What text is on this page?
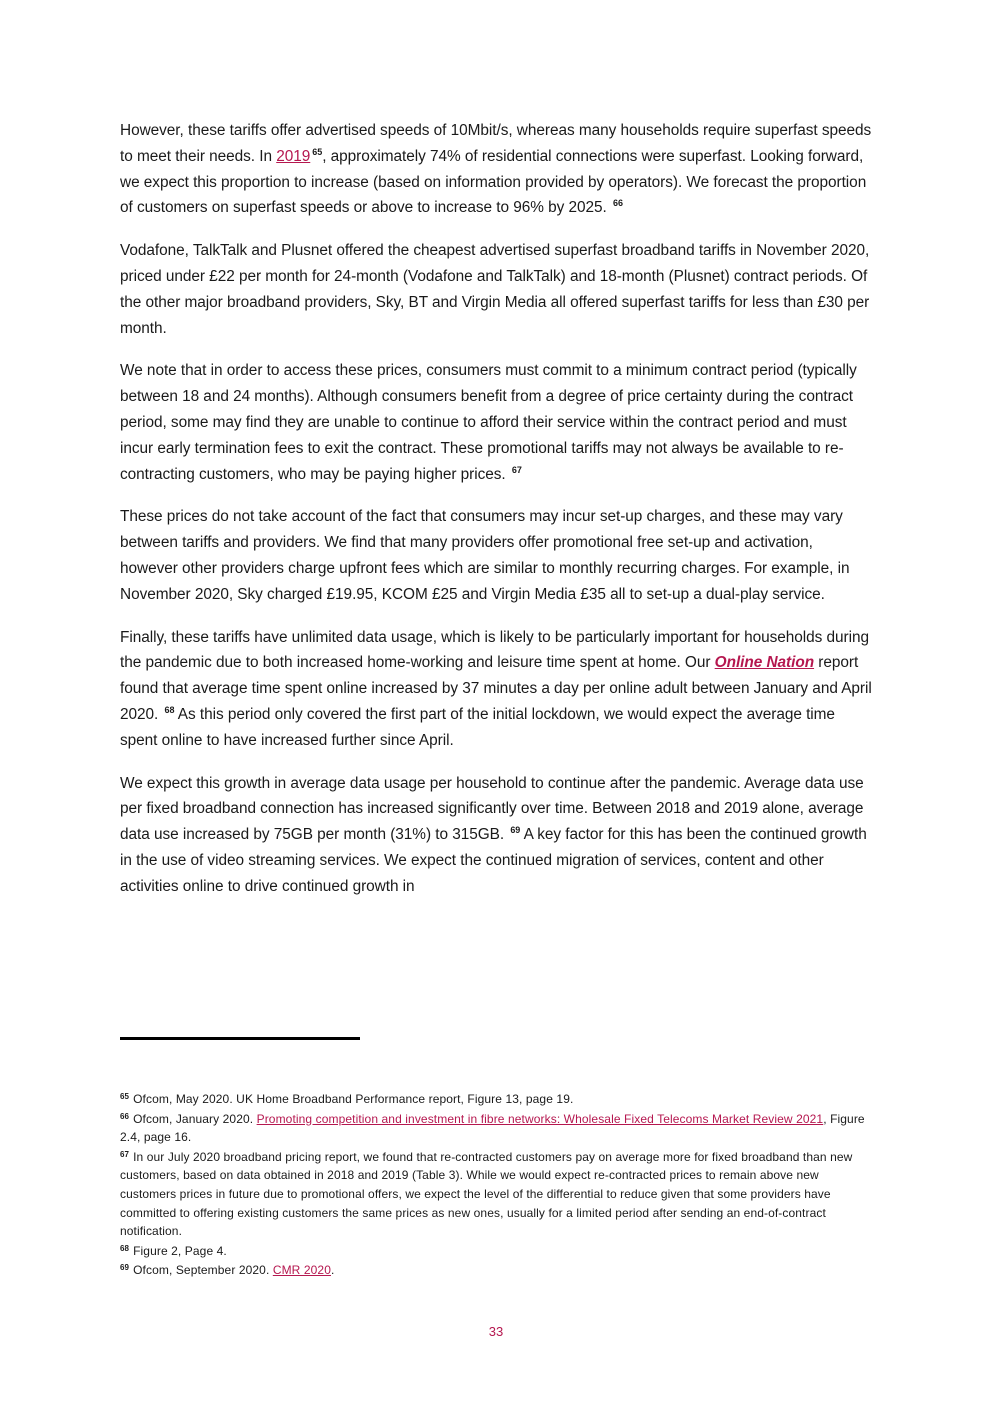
However, these tariffs offer advertised speeds of 10Mbit/s, whereas many households require superfast speeds to meet their needs. In 2019 $^{65}$, approximately 74% of residential connections were superfast. Looking forward, we expect this proportion to increase (based on information provided by operators). We forecast the proportion of customers on superfast speeds or above to increase to 96% by 2025. $^{66}$

Vodafone, TalkTalk and Plusnet offered the cheapest advertised superfast broadband tariffs in November 2020, priced under £22 per month for 24-month (Vodafone and TalkTalk) and 18-month (Plusnet) contract periods. Of the other major broadband providers, Sky, BT and Virgin Media all offered superfast tariffs for less than £30 per month.

We note that in order to access these prices, consumers must commit to a minimum contract period (typically between 18 and 24 months). Although consumers benefit from a degree of price certainty during the contract period, some may find they are unable to continue to afford their service within the contract period and must incur early termination fees to exit the contract. These promotional tariffs may not always be available to re-contracting customers, who may be paying higher prices. $^{67}$

These prices do not take account of the fact that consumers may incur set-up charges, and these may vary between tariffs and providers. We find that many providers offer promotional free set-up and activation, however other providers charge upfront fees which are similar to monthly recurring charges. For example, in November 2020, Sky charged £19.95, KCOM £25 and Virgin Media £35 all to set-up a dual-play service.

Finally, these tariffs have unlimited data usage, which is likely to be particularly important for households during the pandemic due to both increased home-working and leisure time spent at home. Our Online Nation report found that average time spent online increased by 37 minutes a day per online adult between January and April 2020. $^{68}$ As this period only covered the first part of the initial lockdown, we would expect the average time spent online to have increased further since April.

We expect this growth in average data usage per household to continue after the pandemic. Average data use per fixed broadband connection has increased significantly over time. Between 2018 and 2019 alone, average data use increased by 75GB per month (31%) to 315GB. $^{69}$ A key factor for this has been the continued growth in the use of video streaming services. We expect the continued migration of services, content and other activities online to drive continued growth in

$^{65}$ Ofcom, May 2020. UK Home Broadband Performance report, Figure 13, page 19.
$^{66}$ Ofcom, January 2020. Promoting competition and investment in fibre networks: Wholesale Fixed Telecoms Market Review 2021, Figure 2.4, page 16.
$^{67}$ In our July 2020 broadband pricing report, we found that re-contracted customers pay on average more for fixed broadband than new customers, based on data obtained in 2018 and 2019 (Table 3). While we would expect re-contracted prices to remain above new customers prices in future due to promotional offers, we expect the level of the differential to reduce given that some providers have committed to offering existing customers the same prices as new ones, usually for a limited period after sending an end-of-contract notification.
$^{68}$ Figure 2, Page 4.
$^{69}$ Ofcom, September 2020. CMR 2020.
33
